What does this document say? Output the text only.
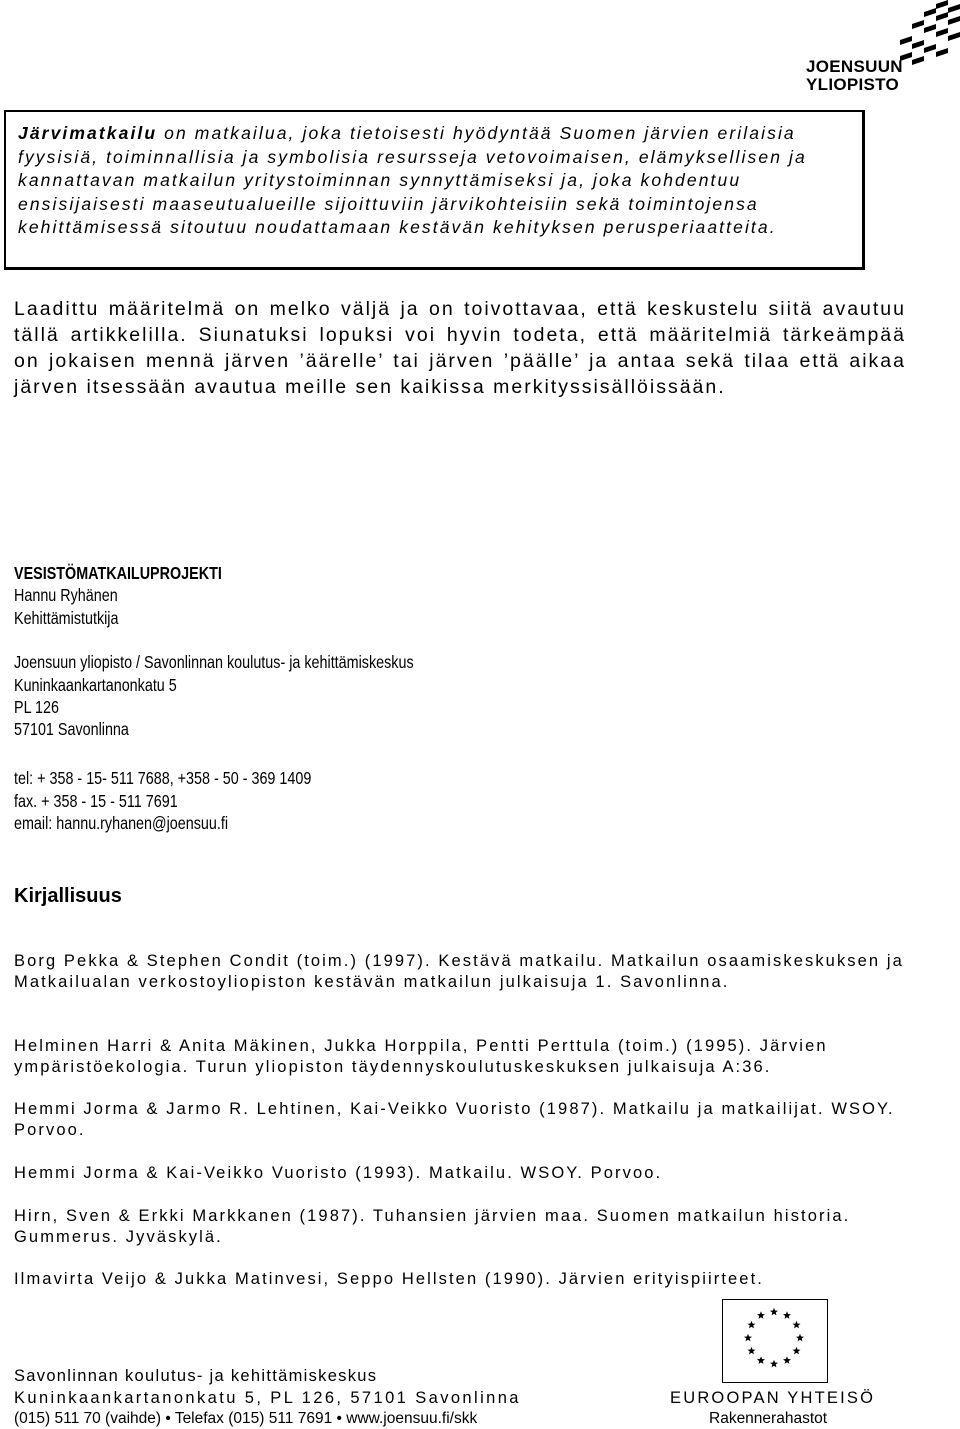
JOENSUUN
YLIOPISTO

Järvimatkailu on matkailua, joka tietoisesti hyödyntää Suomen järvien erilaisia fyysisiä, toiminnallisia ja symbolisia resursseja vetovoimaisen, elämyksellisen ja kannattavan matkailun yritystoiminnan synnyttämiseksi ja, joka kohdentuu ensisijaisesti maaseutualueille sijoittuviin järvikohteisiin sekä toimintojensa kehittämisessä sitoutuu noudattamaan kestävän kehityksen perusperiaatteita.

Laadittu määritelmä on melko väljä ja on toivottavaa, että keskustelu siitä avautuu tällä artikkelilla. Siunatuksi lopuksi voi hyvin todeta, että määritelmiä tärkeämpää on jokaisen mennä järven ’äärelle’ tai järven ’päälle’ ja antaa sekä tilaa että aikaa järven itsessään avautua meille sen kaikissa merkityssisällöissään.

VESISTÖMATKAILUPROJEKTI
Hannu Ryhänen
Kehittämistutkija
Joensuun yliopisto / Savonlinnan koulutus- ja kehittämiskeskus
Kuninkaankartanonkatu 5
PL 126
57101 Savonlinna
tel: + 358 - 15- 511 7688, +358 - 50 - 369 1409
fax. + 358 - 15 - 511 7691
email: hannu.ryhanen@joensuu.fi
Kirjallisuus

Borg Pekka & Stephen Condit (toim.) (1997). Kestävä matkailu. Matkailun osaamiskeskuksen ja Matkailualan verkostoyliopiston kestävän matkailun julkaisuja 1. Savonlinna.

Helminen Harri & Anita Mäkinen, Jukka Horppila, Pentti Perttula (toim.) (1995). Järvien ympäristöekologia. Turun yliopiston täydennyskoulutuskeskuksen julkaisuja A:36.

Hemmi Jorma & Jarmo R. Lehtinen, Kai-Veikko Vuoristo (1987). Matkailu ja matkailijat. WSOY. Porvoo.

Hemmi Jorma & Kai-Veikko Vuoristo (1993). Matkailu. WSOY. Porvoo.

Hirn, Sven & Erkki Markkanen (1987). Tuhansien järvien maa. Suomen matkailun historia. Gummerus. Jyväskylä.

Ilmavirta Veijo & Jukka Matinvesi, Seppo Hellsten (1990). Järvien erityispiirteet.

Savonlinnan koulutus- ja kehittämiskeskus

Kuninkaankartanonkatu 5, PL 126, 57101 Savonlinna

(015) 511 70 (vaihde) • Telefax (015) 511 7691 • www.joensuu.fi/skk

EUROOPAN YHTEISÖ

Rakennerahastot
